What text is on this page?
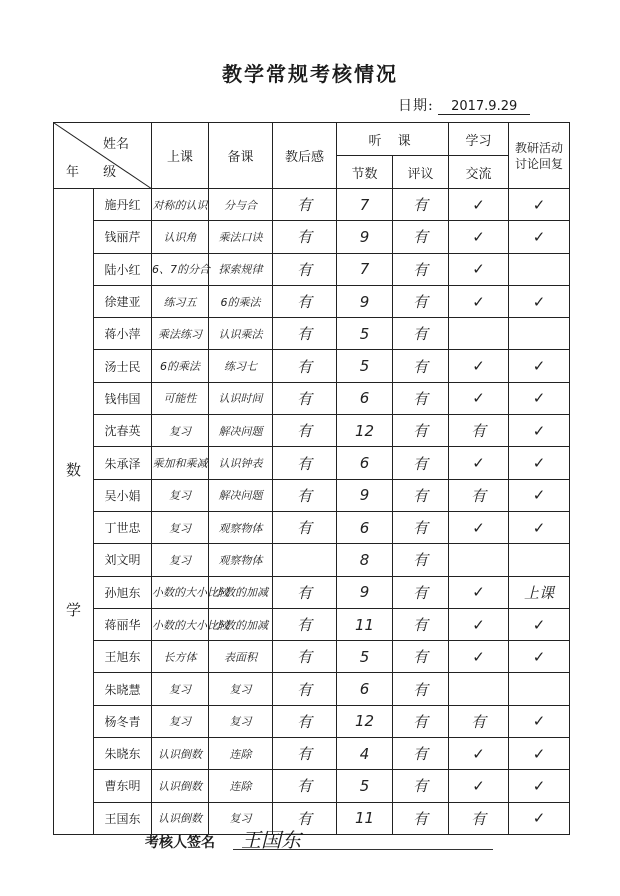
教学常规考核情况
日期: 2017.9.29
姓名
年 级		上课	备课	教后感	听 课		学习	教研活动讨论回复
					节数	评议	交流	

数
学	施丹红	对称的认识	分与合	有	7	有	✓	✓
	钱丽芹	认识角	乘法口诀	有	9	有	✓	✓
	陆小红	6、7的分合	探索规律	有	7	有	✓	
	徐建亚	练习五	6的乘法	有	9	有	✓	✓
	蒋小萍	乘法练习	认识乘法	有	5	有		
	汤士民	6的乘法	练习七	有	5	有	✓	✓
	钱伟国	可能性	认识时间	有	6	有	✓	✓
	沈春英	复习	解决问题	有	12	有	有	✓
	朱承泽	乘加和乘减	认识钟表	有	6	有	✓	✓
	吴小娟	复习	解决问题	有	9	有	有	✓
	丁世忠	复习	观察物体	有	6	有	✓	✓
	刘文明	复习	观察物体		8	有		
	孙旭东	小数的大小比较	小数的加减	有	9	有	✓	上课
	蒋丽华	小数的大小比较	小数的加减	有	11	有	✓	✓
	王旭东	长方体	表面积	有	5	有	✓	✓
	朱晓慧	复习	复习	有	6	有		
	杨冬青	复习	复习	有	12	有	有	✓
	朱晓东	认识倒数	连除	有	4	有	✓	✓
	曹东明	认识倒数	连除	有	5	有	✓	✓
	王国东	认识倒数	复习	有	11	有	有	✓
考核人签名 王国东
